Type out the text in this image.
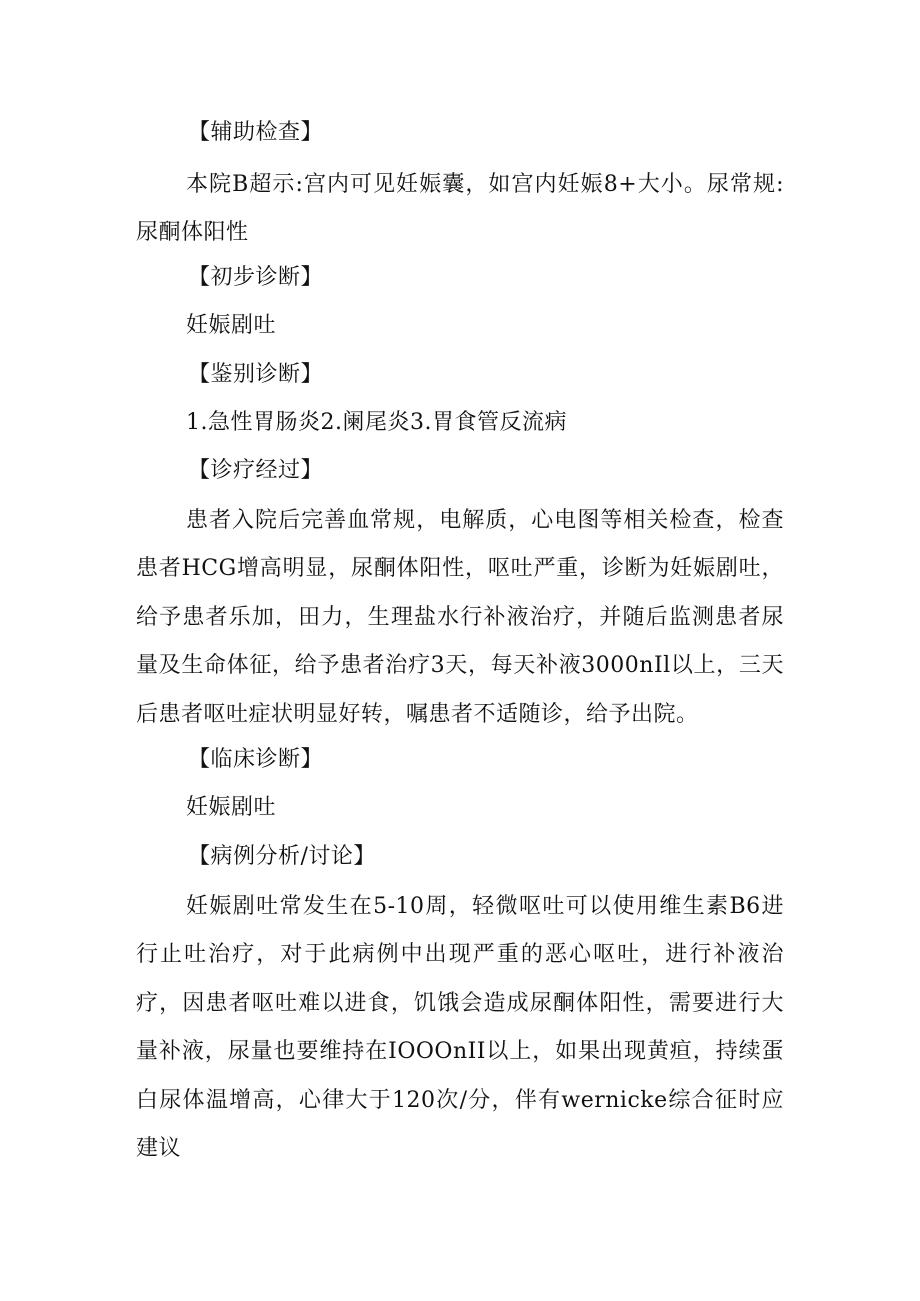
【辅助检查】
本院B超示:宫内可见妊娠囊，如宫内妊娠8+大小。尿常规:尿酮体阳性
【初步诊断】
妊娠剧吐
【鉴别诊断】
1.急性胃肠炎2.阑尾炎3.胃食管反流病
【诊疗经过】
患者入院后完善血常规，电解质，心电图等相关检查，检查患者HCG增高明显，尿酮体阳性，呕吐严重，诊断为妊娠剧吐，给予患者乐加，田力，生理盐水行补液治疗，并随后监测患者尿量及生命体征，给予患者治疗3天，每天补液3000nIl以上，三天后患者呕吐症状明显好转，嘱患者不适随诊，给予出院。
【临床诊断】
妊娠剧吐
【病例分析/讨论】
妊娠剧吐常发生在5-10周，轻微呕吐可以使用维生素B6进行止吐治疗，对于此病例中出现严重的恶心呕吐，进行补液治疗，因患者呕吐难以进食，饥饿会造成尿酮体阳性，需要进行大量补液，尿量也要维持在IOOOnII以上，如果出现黄疸，持续蛋白尿体温增高，心律大于120次/分，伴有wernicke综合征时应建议
